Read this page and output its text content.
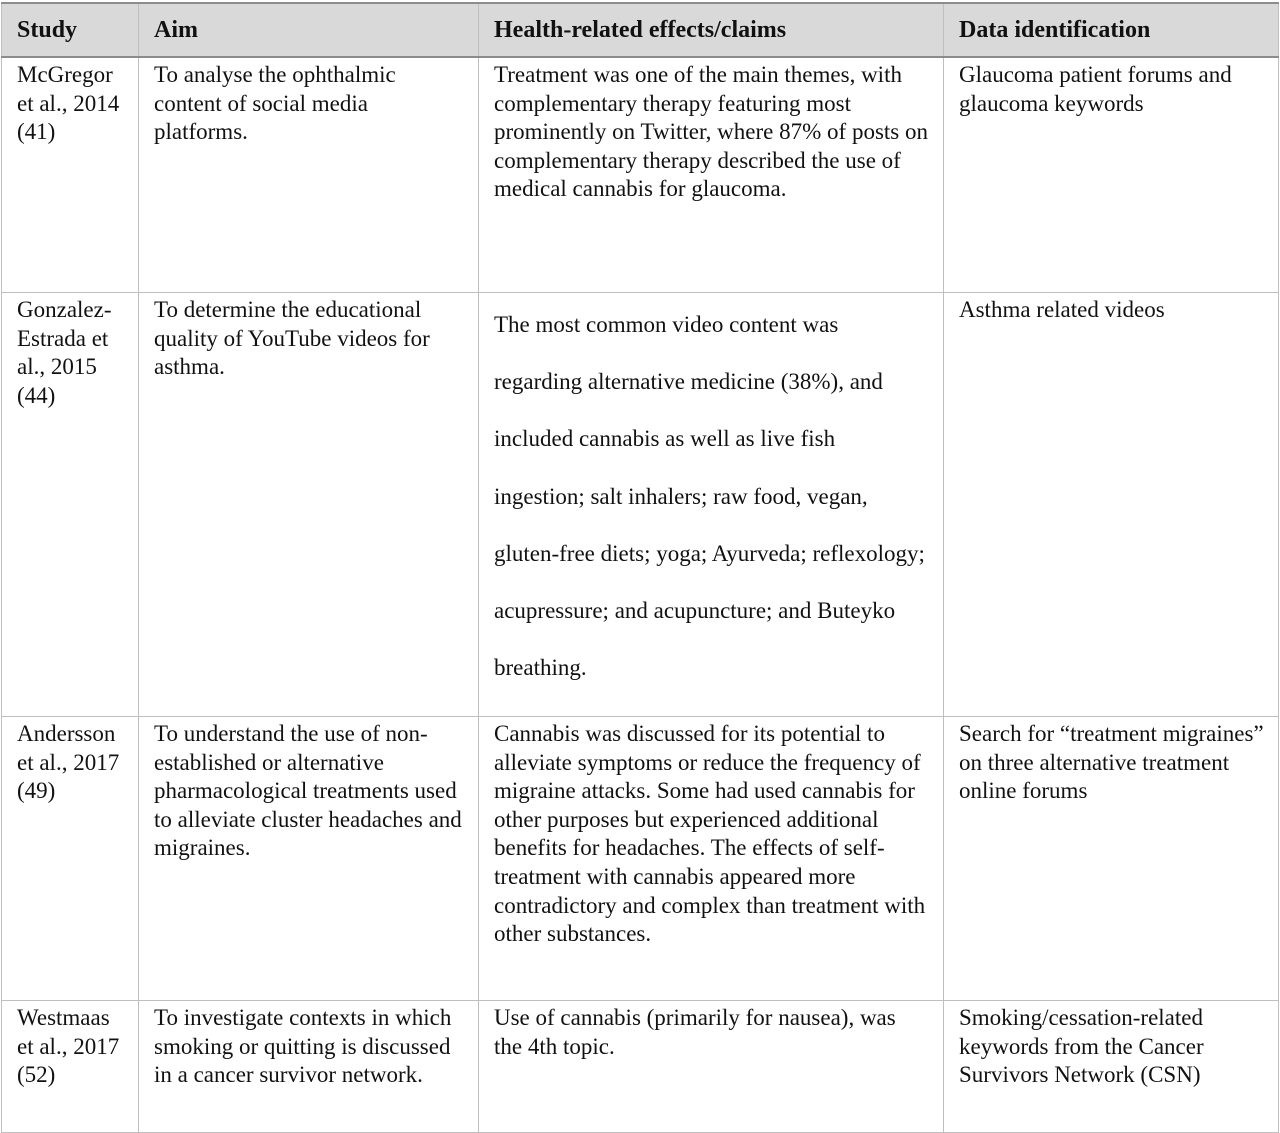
Study	Aim	Health-related effects/claims	Data identification

McGregor et al., 2014 (41)	To analyse the ophthalmic content of social media platforms.	Treatment was one of the main themes, with complementary therapy featuring most prominently on Twitter, where 87% of posts on complementary therapy described the use of medical cannabis for glaucoma.	Glaucoma patient forums and glaucoma keywords

Gonzalez-Estrada et al., 2015 (44)	To determine the educational quality of YouTube videos for asthma.	The most common video content was regarding alternative medicine (38%), and included cannabis as well as live fish ingestion; salt inhalers; raw food, vegan, gluten-free diets; yoga; Ayurveda; reflexology; acupressure; and acupuncture; and Buteyko breathing.	Asthma related videos

Andersson et al., 2017 (49)	To understand the use of non-established or alternative pharmacological treatments used to alleviate cluster headaches and migraines.	Cannabis was discussed for its potential to alleviate symptoms or reduce the frequency of migraine attacks. Some had used cannabis for other purposes but experienced additional benefits for headaches. The effects of self-treatment with cannabis appeared more contradictory and complex than treatment with other substances.	Search for “treatment migraines” on three alternative treatment online forums

Westmaas et al., 2017 (52)	To investigate contexts in which smoking or quitting is discussed in a cancer survivor network.	Use of cannabis (primarily for nausea), was the 4th topic.	Smoking/cessation-related keywords from the Cancer Survivors Network (CSN)
